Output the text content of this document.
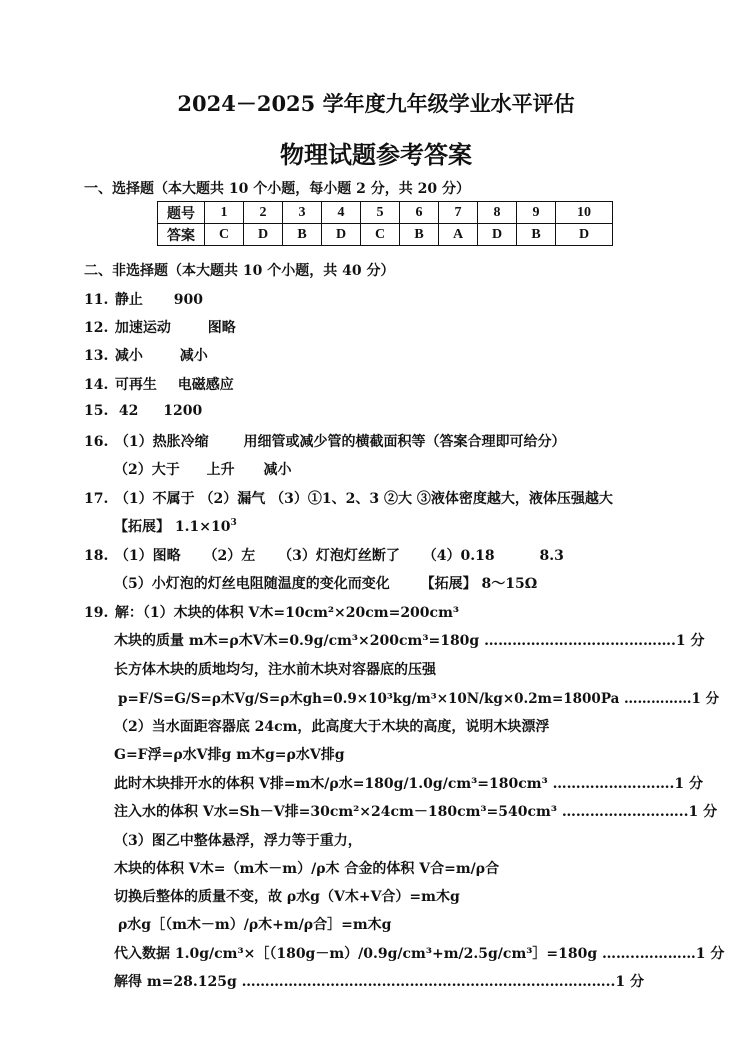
2024－2025 学年度九年级学业水平评估
物理试题参考答案
一、选择题（本大题共 10 个小题，每小题 2 分，共 20 分）
题号	1	2	3	4	5	6	7	8	9	10
答案	C	D	B	D	C	B	A	D	B	D
二、非选择题（本大题共 10 个小题，共 40 分）
11. 静止 900
12. 加速运动	图略
13. 减小	减小
14. 可再生 电磁感应
15. 42 1200
16. （1）热胀冷缩 用细管或减少管的横截面积等（答案合理即可给分）
（2）大于 上升 减小
17. （1）不属于 （2）漏气 （3）①1、2、3 ②大 ③液体密度越大，液体压强越大
【拓展】 $1.1\times 10^3$
18. （1）图略 （2）左 （3）灯泡灯丝断了 （4）0.18	8.3
（5）小灯泡的灯丝电阻随温度的变化而变化 【拓展】 8～15Ω
19. 解：（1）木块的体积 V木=10cm²×20cm=200cm³
木块的质量 m木=ρ木V木=0.9g/cm³×200cm³=180g ………………………….……….1 分
长方体木块的质地均匀，注水前木块对容器底的压强
p=F/S=G/S=ρ木Vg/S=ρ木gh=0.9×10³kg/m³×10N/kg×0.2m=1800Pa ……………1 分
（2）当水面距容器底 24cm，此高度大于木块的高度，说明木块漂浮
G=F浮=ρ水V排g m木g=ρ水V排g
此时木块排开水的体积 V排=m木/ρ水=180g/1.0g/cm³=180cm³ ……………….…….1 分
注入水的体积 V水=Sh－V排=30cm²×24cm－180cm³=540cm³ ………………….…..1 分
（3）图乙中整体悬浮，浮力等于重力，
木块的体积 V木=（m木－m）/ρ木 合金的体积 V合=m/ρ合
切换后整体的质量不变，故 ρ水g（V木+V合）=m木g
ρ水g［（m木－m）/ρ木+m/ρ合］=m木g
代入数据 1.0g/cm³×［（180g－m）/0.9g/cm³+m/2.5g/cm³］=180g ……..…………1 分
解得 m=28.125g ……………………………………………………………………..1 分
